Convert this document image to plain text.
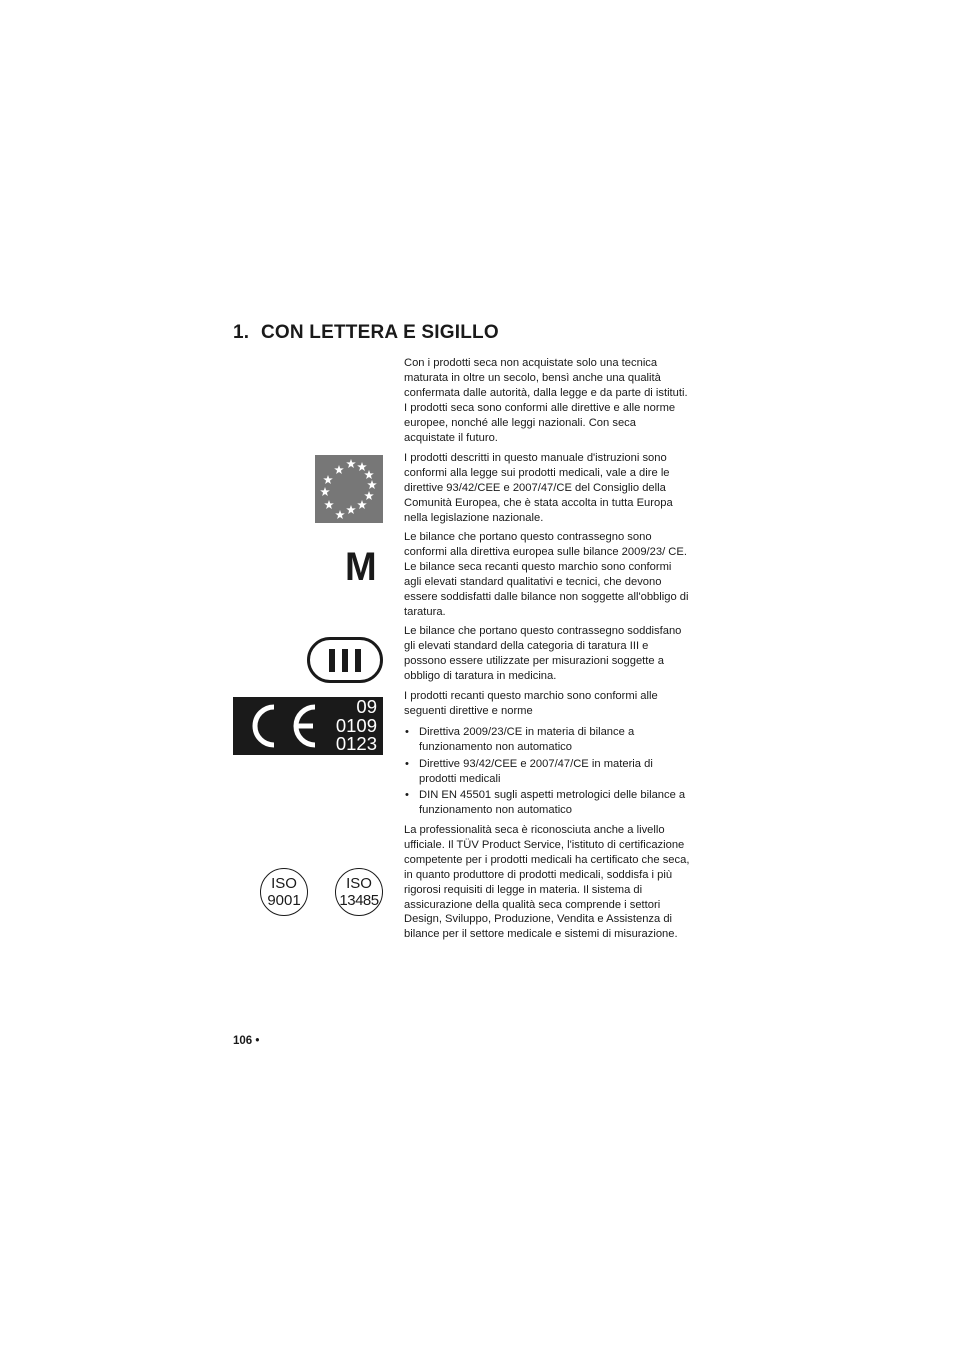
1. CON LETTERA E SIGILLO

Con i prodotti seca non acquistate solo una tecnica maturata in oltre un secolo, bensì anche una qualità confermata dalle autorità, dalla legge e da parte di istituti. I prodotti seca sono conformi alle direttive e alle norme europee, nonché alle leggi nazionali. Con seca acquistate il futuro.

I prodotti descritti in questo manuale d'istruzioni sono conformi alla legge sui prodotti medicali, vale a dire le direttive 93/42/CEE e 2007/47/CE del Consiglio della Comunità Europea, che è stata accolta in tutta Europa nella legislazione nazionale.

Le bilance che portano questo contrassegno sono conformi alla direttiva europea sulle bilance 2009/23/ CE. Le bilance seca recanti questo marchio sono conformi agli elevati standard qualitativi e tecnici, che devono essere soddisfatti dalle bilance non soggette all'obbligo di taratura.

Le bilance che portano questo contrassegno soddisfano gli elevati standard della categoria di taratura III e possono essere utilizzate per misurazioni soggette a obbligo di taratura in medicina.

I prodotti recanti questo marchio sono conformi alle seguenti direttive e norme

• Direttiva 2009/23/CE in materia di bilance a funzionamento non automatico
• Direttive 93/42/CEE e 2007/47/CE in materia di prodotti medicali
• DIN EN 45501 sugli aspetti metrologici delle bilance a funzionamento non automatico

La professionalità seca è riconosciuta anche a livello ufficiale. Il TÜV Product Service, l'istituto di certificazione competente per i prodotti medicali ha certificato che seca, in quanto produttore di prodotti medicali, soddisfa i più rigorosi requisiti di legge in materia. Il sistema di assicurazione della qualità seca comprende i settori Design, Sviluppo, Produzione, Vendita e Assistenza di bilance per il settore medicale e sistemi di misurazione.

M
09
0109
0123
ISO
9001
ISO
13485
106 •
